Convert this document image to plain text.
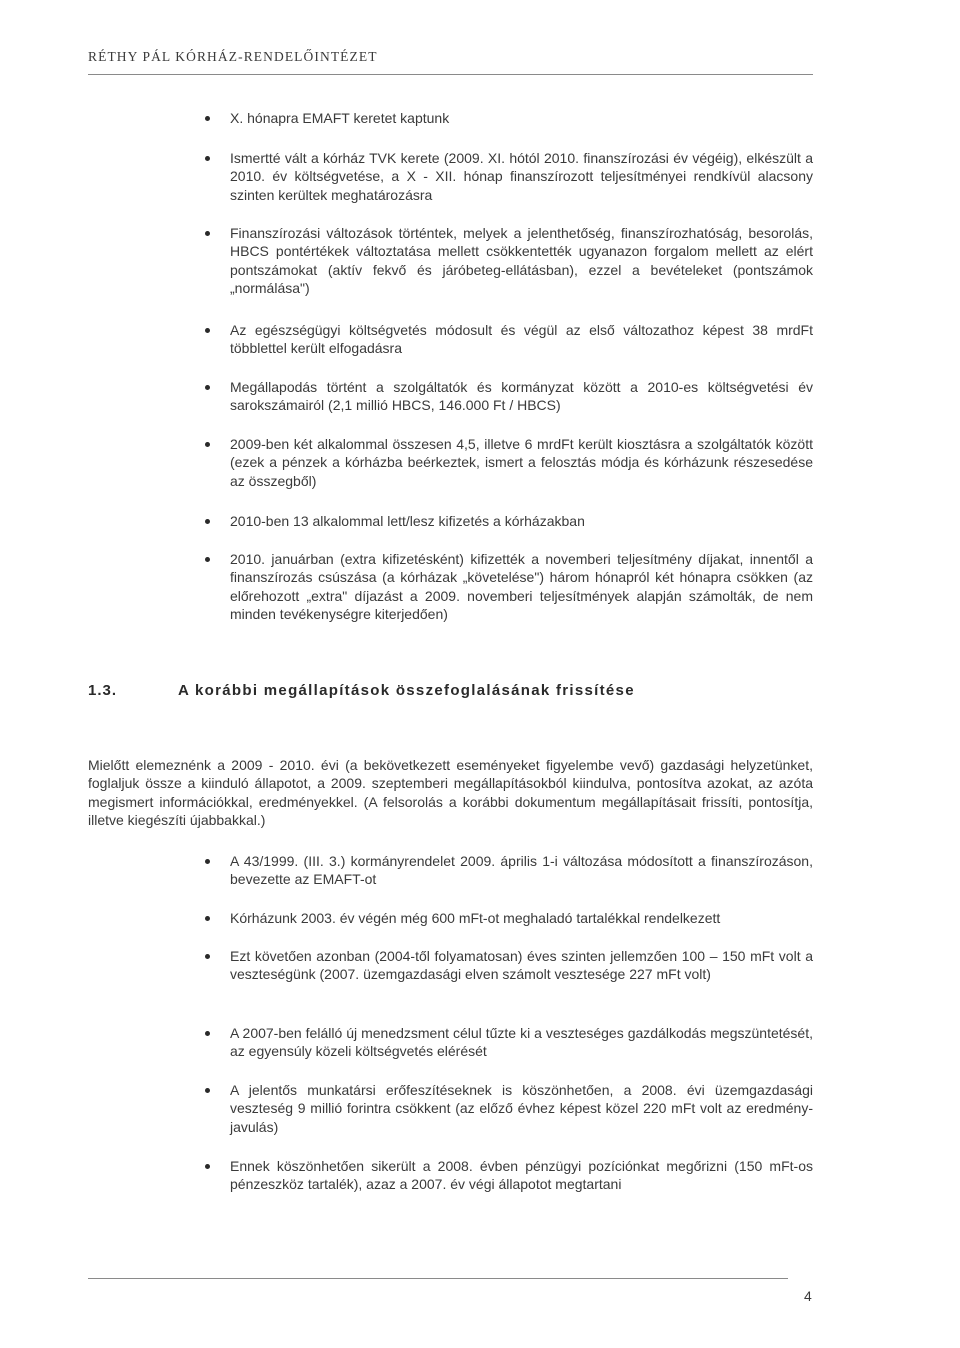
RÉTHY PÁL KÓRHÁZ-RENDELŐINTÉZET
X. hónapra EMAFT keretet kaptunk
Ismertté vált a kórház TVK kerete (2009. XI. hótól 2010. finanszírozási év végéig), elkészült a 2010. év költségvetése, a X - XII. hónap finanszírozott teljesítményei rendkívül alacsony szinten kerültek meghatározásra
Finanszírozási változások történtek, melyek a jelenthetőség, finanszírozhatóság, besorolás, HBCS pontértékek változtatása mellett csökkentették ugyanazon forgalom mellett az elért pontszámokat (aktív fekvő és járóbeteg-ellátásban), ezzel a bevételeket (pontszámok „normálása")
Az egészségügyi költségvetés módosult és végül az első változathoz képest 38 mrdFt többlettel került elfogadásra
Megállapodás történt a szolgáltatók és kormányzat között a 2010-es költségvetési év sarokszámairól (2,1 millió HBCS, 146.000 Ft / HBCS)
2009-ben két alkalommal összesen 4,5, illetve 6 mrdFt került kiosztásra a szolgáltatók között (ezek a pénzek a kórházba beérkeztek, ismert a felosztás módja és kórházunk részesedése az összegből)
2010-ben 13 alkalommal lett/lesz kifizetés a kórházakban
2010. januárban (extra kifizetésként) kifizették a novemberi teljesítmény díjakat, innentől a finanszírozás csúszása (a kórházak „követelése") három hónapról két hónapra csökken (az előrehozott „extra" díjazást a 2009. novemberi teljesítmények alapján számolták, de nem minden tevékenységre kiterjedően)
1.3.	A korábbi megállapítások összefoglalásának frissítése

Mielőtt elemeznénk a 2009 - 2010. évi (a bekövetkezett eseményeket figyelembe vevő) gazdasági helyzetünket, foglaljuk össze a kiinduló állapotot, a 2009. szeptemberi megállapításokból kiindulva, pontosítva azokat, az azóta megismert információkkal, eredményekkel. (A felsorolás a korábbi dokumentum megállapításait frissíti, pontosítja, illetve kiegészíti újabbakkal.)

A 43/1999. (III. 3.) kormányrendelet 2009. április 1-i változása módosított a finanszírozáson, bevezette az EMAFT-ot
Kórházunk 2003. év végén még 600 mFt-ot meghaladó tartalékkal rendelkezett
Ezt követően azonban (2004-től folyamatosan) éves szinten jellemzően 100 – 150 mFt volt a veszteségünk (2007. üzemgazdasági elven számolt vesztesége 227 mFt volt)
A 2007-ben felálló új menedzsment célul tűzte ki a veszteséges gazdálkodás megszüntetését, az egyensúly közeli költségvetés elérését
A jelentős munkatársi erőfeszítéseknek is köszönhetően, a 2008. évi üzemgazdasági veszteség 9 millió forintra csökkent (az előző évhez képest közel 220 mFt volt az eredmény-javulás)
Ennek köszönhetően sikerült a 2008. évben pénzügyi pozíciónkat megőrizni (150 mFt-os pénzeszköz tartalék), azaz a 2007. év végi állapotot megtartani
4
